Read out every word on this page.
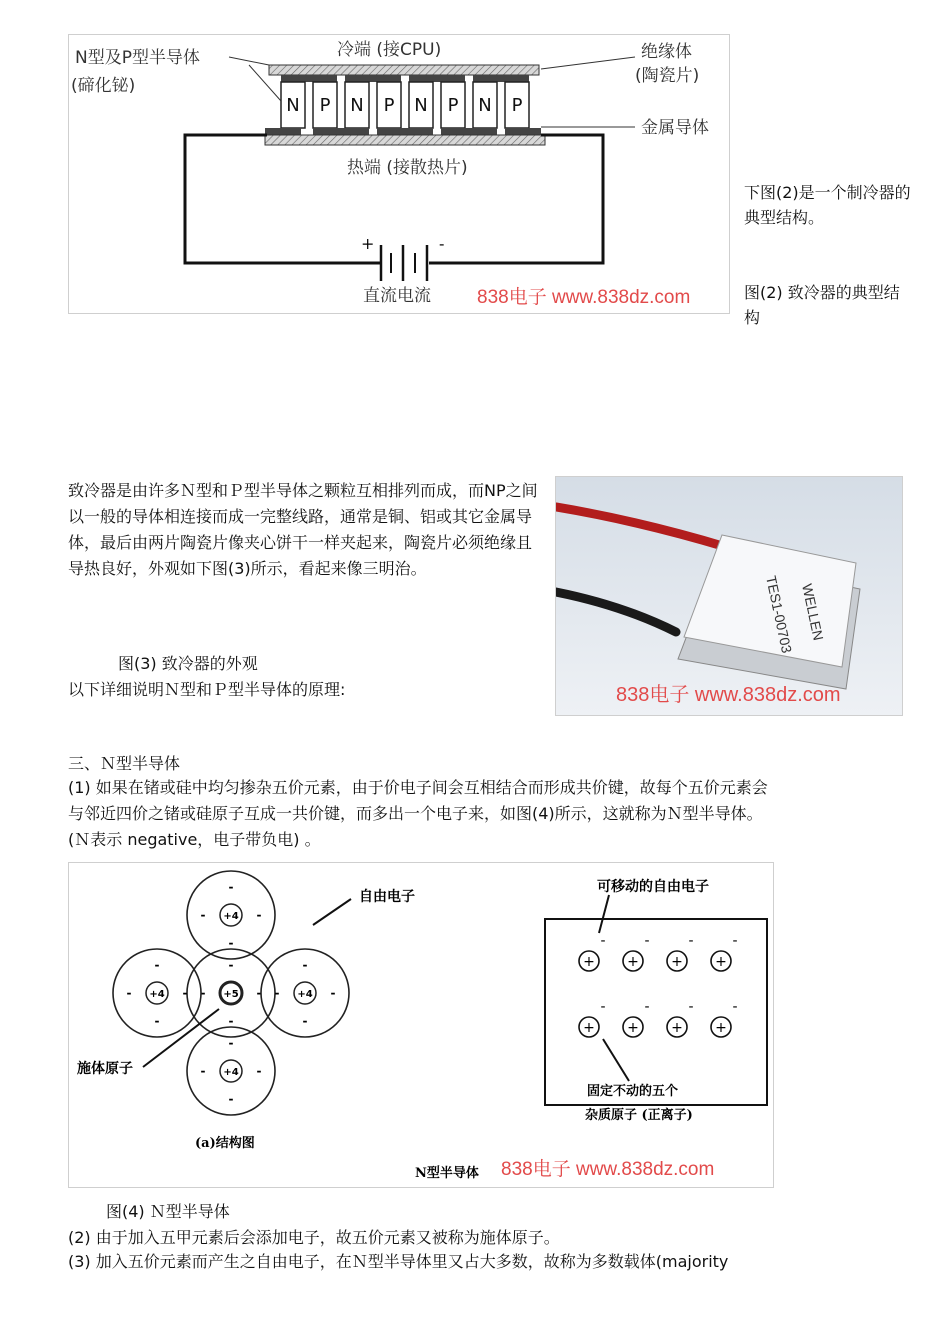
N P N P N P N P
+	-
N型及P型半导体
(碲化铋)
冷端 (接CPU)	绝缘体
(陶瓷片)
金属导体
热端 (接散热片)
直流电流 838电子 www.838dz.com
下图(2)是一个制冷器的典型结构。
图(2) 致冷器的典型结构
致冷器是由许多Ｎ型和Ｐ型半导体之颗粒互相排列而成，而NP之间以一般的导体相连接而成一完整线路，通常是铜、铝或其它金属导体，最后由两片陶瓷片像夹心饼干一样夹起来，陶瓷片必须绝缘且导热良好，外观如下图(3)所示，看起来像三明治。
WELLEN
TES1-00703
838电子 www.838dz.com
图(3) 致冷器的外观
以下详细说明Ｎ型和Ｐ型半导体的原理:
三、Ｎ型半导体
(1) 如果在锗或硅中均匀掺杂五价元素，由于价电子间会互相结合而形成共价键，故每个五价元素会
与邻近四价之锗或硅原子互成一共价键，而多出一个电子来，如图(4)所示，这就称为Ｎ型半导体。
(Ｎ表示 negative，电子带负电) 。
+5
-
-
-	-
+4
-
-
-	-
+4
-
-
-	-
+4
-
-
-	-	+4
-
-
-	-
自由电子
施体原子
(a)结构图
可移动的自由电子
+
-
+
-
+
-
+
-
+
-
+
-
+
-
+
-
固定不动的五个
杂质原子 (正离子)
N型半导体 838电子 www.838dz.com
图(4) Ｎ型半导体
(2) 由于加入五甲元素后会添加电子，故五价元素又被称为施体原子。
(3) 加入五价元素而产生之自由电子，在Ｎ型半导体里又占大多数，故称为多数载体(majority
